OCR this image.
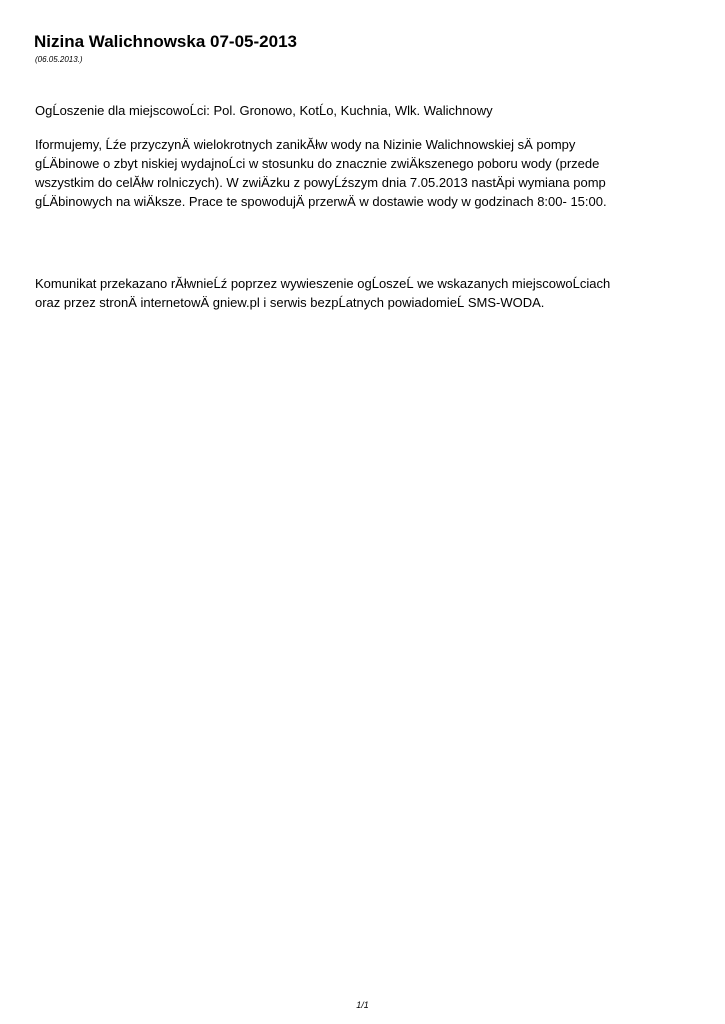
Nizina Walichnowska 07-05-2013

(06.05.2013.)

OgĹoszenie dla miejscowoĹci: Pol. Gronowo, KotĹo, Kuchnia, Wlk. Walichnowy

Iformujemy, Ĺźe przyczynÄ wielokrotnych zanikĂłw wody na Nizinie Walichnowskiej sÄ pompy
gĹÄbinowe o zbyt niskiej wydajnoĹci w stosunku do znacznie zwiÄkszenego poboru wody (przede
wszystkim do celĂłw rolniczych). W zwiÄzku z powyĹźszym dnia 7.05.2013 nastÄpi wymiana pomp
gĹÄbinowych na wiÄksze. Prace te spowodujÄ przerwÄ w dostawie wody w godzinach 8:00- 15:00.

Komunikat przekazano rĂłwnieĹź poprzez wywieszenie ogĹoszeĹ we wskazanych miejscowoĹciach
oraz przez stronÄ internetowÄ gniew.pl i serwis bezpĹatnych powiadomieĹ SMS-WODA.

1/1
